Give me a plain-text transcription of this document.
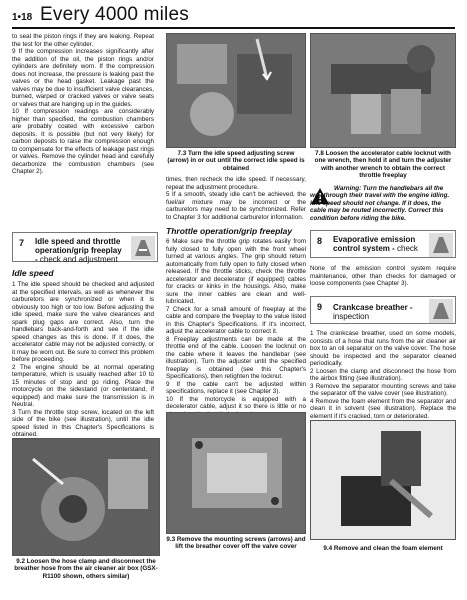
1•18 Every 4000 miles

to seal the piston rings if they are leaking. Repeat the test for the other cylinder.

9 If the compression increases significantly after the addition of the oil, the piston rings and/or cylinders are definitely worn. If the compression does not increase, the pressure is leaking past the valves or the head gasket. Leakage past the valves may be due to insufficient valve clearances, burned, warped or cracked valves or valve seats or valves that are hanging up in the guides.

10 If compression readings are considerably higher than specified, the combustion chambers are probably coated with excessive carbon deposits. It is possible (but not very likely) for carbon deposits to raise the compression enough to compensate for the effects of leakage past rings or valves. Remove the cylinder head and carefully decarbonize the combustion chambers (see Chapter 2).

7 Idle speed and throttle operation/grip freeplay - check and adjustment
Idle speed

1 The idle speed should be checked and adjusted at the specified intervals, as well as whenever the carburetors are synchronized or when it is obviously too high or too low. Before adjusting the idle speed, make sure the valve clearances and spark plug gaps are correct. Also, turn the handlebars back-and-forth and see if the idle speed changes as this is done. If it does, the accelerator cable may not be adjusted correctly, or it may be worn out. Be sure to correct this problem before proceeding.

2 The engine should be at normal operating temperature, which is usually reached after 10 to 15 minutes of stop and go riding. Place the motorcycle on the sidestand (or centerstand, if equipped) and make sure the transmission is in Neutral.

3 Turn the throttle stop screw, located on the left side of the bike (see illustration), until the idle speed listed in this Chapter's Specifications is obtained.

7.3 Turn the idle speed adjusting screw (arrow) in or out until the correct idle speed is obtained

times, then recheck the idle speed. If necessary, repeat the adjustment procedure.

5 If a smooth, steady idle can't be achieved, the fuel/air mixture may be incorrect or the carburetors may need to be synchronized. Refer to Chapter 3 for additional carburetor information.

Throttle operation/grip freeplay

6 Make sure the throttle grip rotates easily from fully closed to fully open with the front wheel turned at various angles. The grip should return automatically from fully open to fully closed when released. If the throttle sticks, check the throttle accelerator and decelerator (if equipped) cables for cracks or kinks in the housings. Also, make sure the inner cables are clean and well-lubricated.

7 Check for a small amount of freeplay at the cable and compare the freeplay to the value listed in this Chapter's Specifications. If it's incorrect, adjust the accelerator cable to correct it.

8 Freeplay adjustments can be made at the throttle end of the cable. Loosen the locknut on the cable where it leaves the handlebar (see illustration). Turn the adjuster until the specified freeplay is obtained (see this Chapter's Specifications), then retighten the locknut.

9 If the cable can't be adjusted within specifications, replace it (see Chapter 3).

10 If the motorcycle is equipped with a decelerator cable, adjust it so there is little or no

7.8 Loosen the accelerator cable locknut with one wrench, then hold it and turn the adjuster with another wrench to obtain the correct throttle freeplay
Warning: Turn the handlebars all the way through their travel with the engine idling. Idle speed should not change. If it does, the cable may be routed incorrectly. Correct this condition before riding the bike.
8 Evaporative emission control system - check
None of the emission control system require maintenance, other than checks for damaged or loose components (see Chapter 3).
9 Crankcase breather - inspection

1 The crankcase breather, used on some models, consists of a hose that runs from the air cleaner air box to an oil separator on the valve cover. The hose should be inspected and the separator cleaned periodically.

2 Loosen the clamp and disconnect the hose from the airbox fitting (see illustration).

3 Remove the separator mounting screws and take the separator off the valve cover (see illustration).

4 Remove the foam element from the separator and clean it in solvent (see illustration). Replace the element if it's cracked, torn or deteriorated.

9.2 Loosen the hose clamp and disconnect the breather hose from the air cleaner air box (GSX-R1100 shown, others similar)
9.3 Remove the mounting screws (arrows) and lift the breather cover off the valve cover	9.4 Remove and clean the foam element
